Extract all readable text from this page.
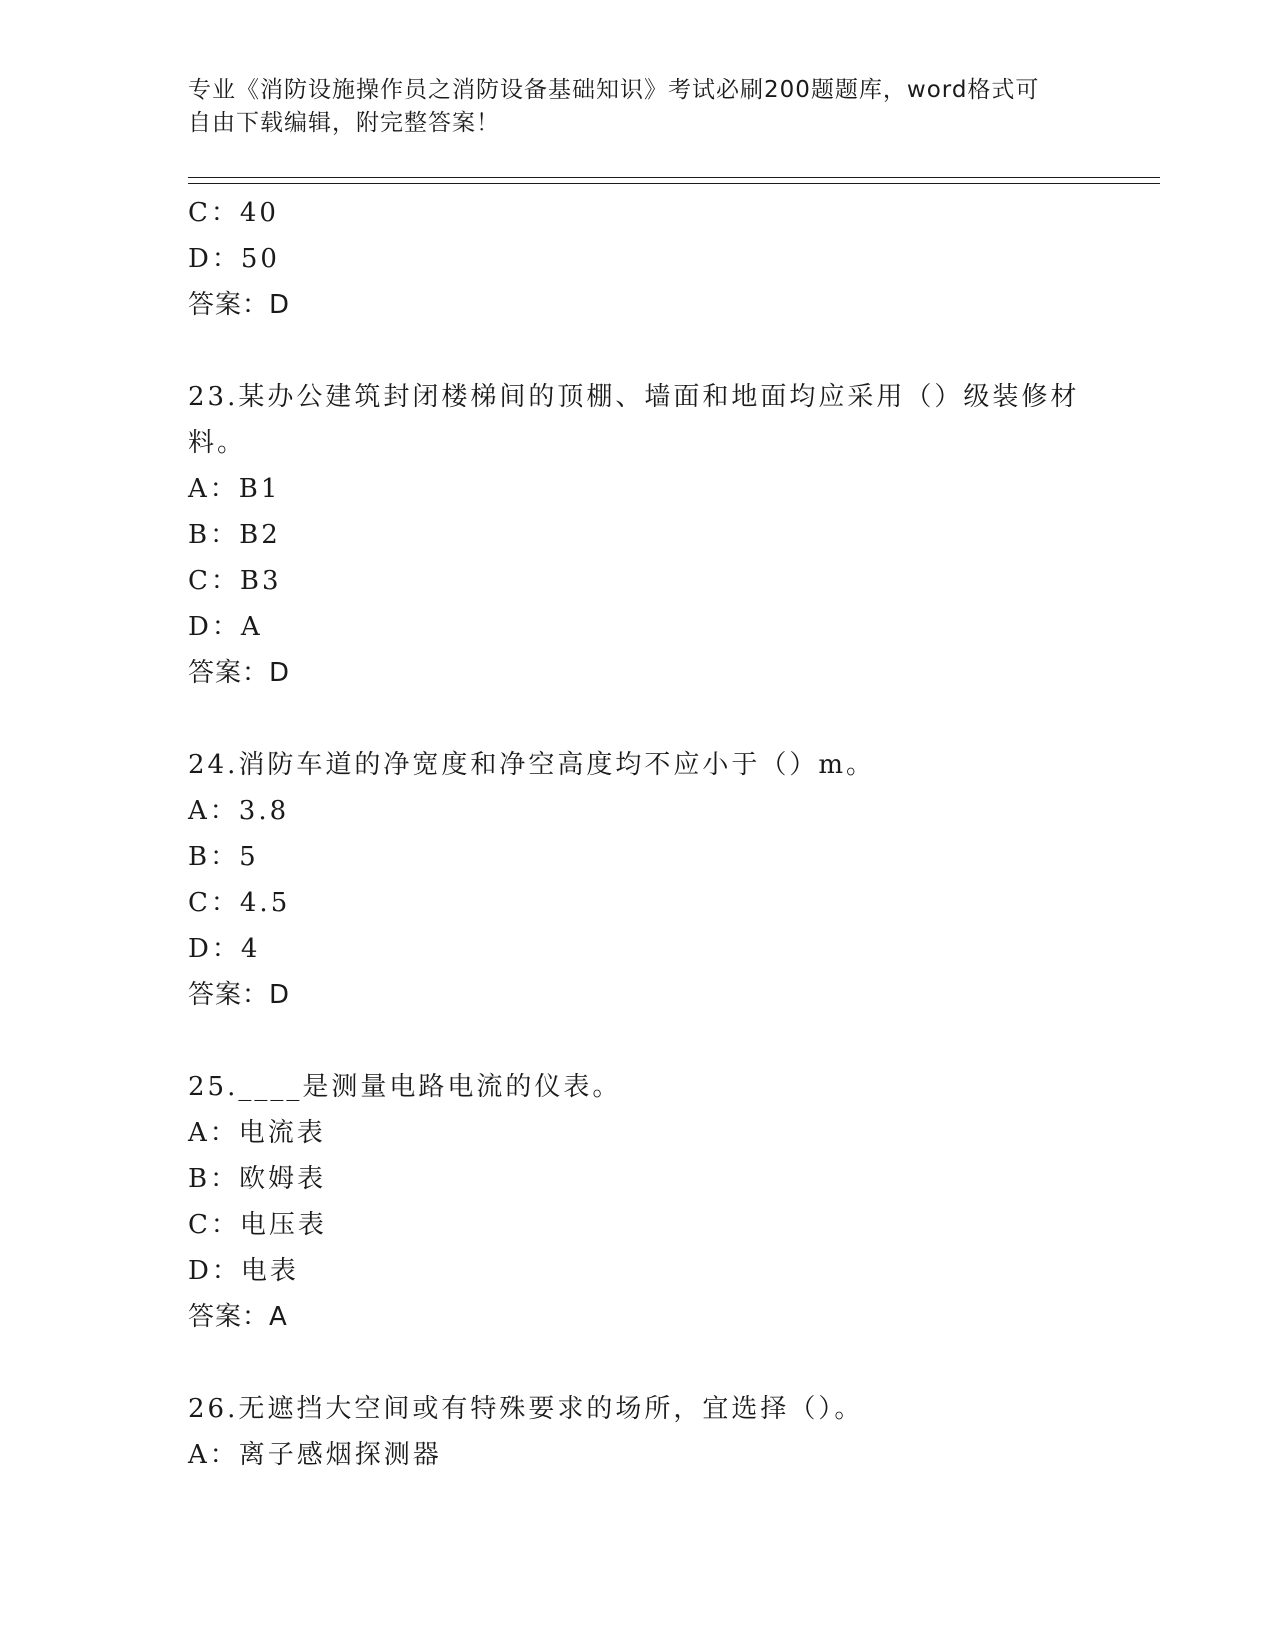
专业《消防设施操作员之消防设备基础知识》考试必刷200题题库，word格式可
自由下载编辑，附完整答案！
C：40
D：50
答案：D
23.某办公建筑封闭楼梯间的顶棚、墙面和地面均应采用（）级装修材
料。
A：B1
B：B2
C：B3
D：A
答案：D
24.消防车道的净宽度和净空高度均不应小于（）m。
A：3.8
B：5
C：4.5
D：4
答案：D
25.____是测量电路电流的仪表。
A：电流表
B：欧姆表
C：电压表
D：电表
答案：A
26.无遮挡大空间或有特殊要求的场所，宜选择（）。
A：离子感烟探测器
